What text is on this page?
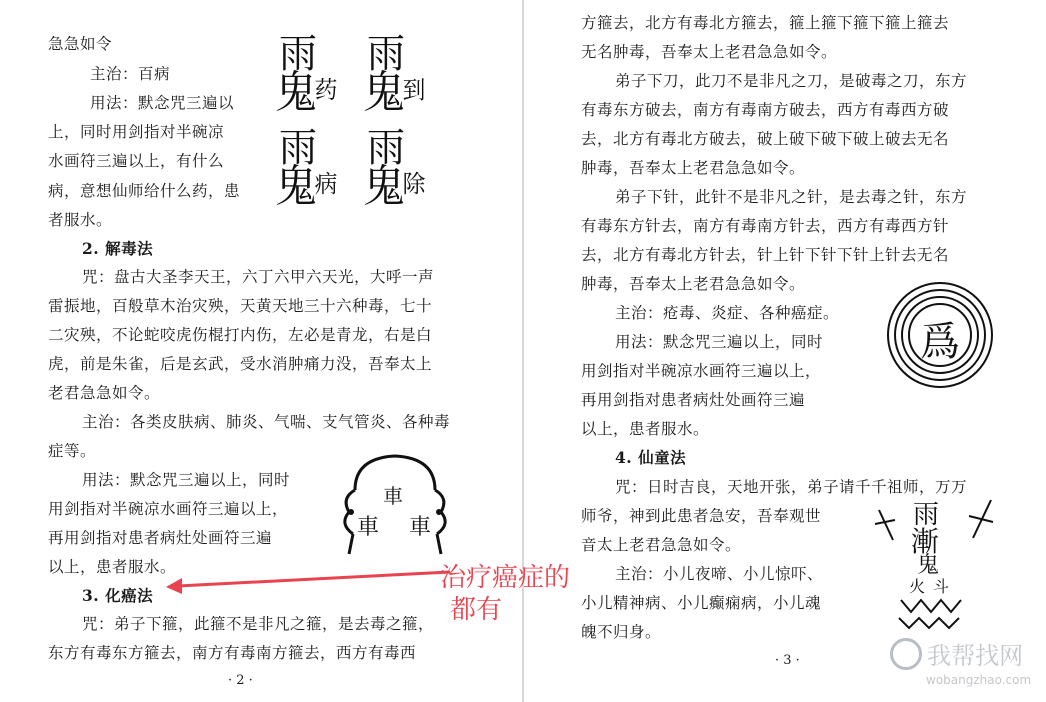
急急如令
主治：百病
用法：默念咒三遍以
上，同时用剑指对半碗凉
水画符三遍以上，有什么
病，意想仙师给什么药，患
者服水。
2. 解毒法
咒：盘古大圣李天王，六丁六甲六天光，大呼一声
雷振地，百般草木治灾殃，天黄天地三十六种毒，七十
二灾殃，不论蛇咬虎伤棍打内伤，左必是青龙，右是白
虎，前是朱雀，后是玄武，受水消肿痛力没，吾奉太上
老君急急如令。
主治：各类皮肤病、肺炎、气喘、支气管炎、各种毒
症等。
用法：默念咒三遍以上，同时
用剑指对半碗凉水画符三遍以上，
再用剑指对患者病灶处画符三遍
以上，患者服水。
3. 化癌法
咒：弟子下箍，此箍不是非凡之箍，是去毒之箍，
东方有毒东方箍去，南方有毒南方箍去，西方有毒西
雨
鬼
药
雨
鬼
到
雨
鬼
病
雨
鬼
除
車
車 車
· 2 ·
方箍去，北方有毒北方箍去，箍上箍下箍下箍上箍去
无名肿毒，吾奉太上老君急急如令。
弟子下刀，此刀不是非凡之刀，是破毒之刀，东方
有毒东方破去，南方有毒南方破去，西方有毒西方破
去，北方有毒北方破去，破上破下破下破上破去无名
肿毒，吾奉太上老君急急如令。
弟子下针，此针不是非凡之针，是去毒之针，东方
有毒东方针去，南方有毒南方针去，西方有毒西方针
去，北方有毒北方针去，针上针下针下针上针去无名
肿毒，吾奉太上老君急急如令。
主治：疮毒、炎症、各种癌症。
用法：默念咒三遍以上，同时
用剑指对半碗凉水画符三遍以上，
再用剑指对患者病灶处画符三遍
以上，患者服水。
4. 仙童法
咒：日时吉良，天地开张，弟子请千千祖师，万万
师爷，神到此患者急安，吾奉观世
音太上老君急急如令。
主治：小儿夜啼、小儿惊吓、
小儿精神病、小儿癫痫病，小儿魂
魄不归身。
爲
雨
漸
鬼
火 斗
· 3 ·
治疗癌症的
都有
我帮找网
wobangzhao.com
